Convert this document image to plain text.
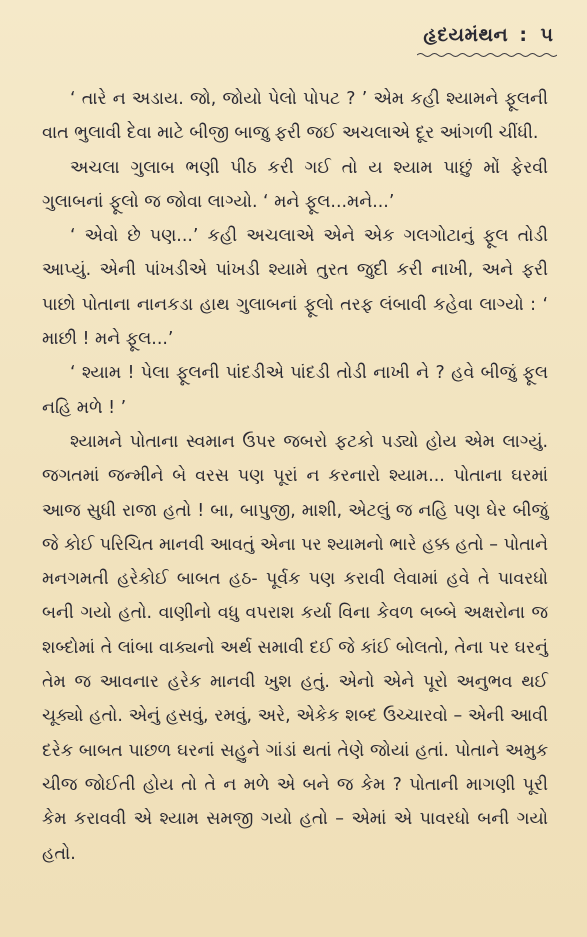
હૃદયમંથન : ૫

‘ તારે ન અડાય. જો, જોયો પેલો પોપટ ? ’ એમ કહી શ્યામને ફૂલની વાત ભુલાવી દેવા માટે બીજી બાજુ ફરી જઈ અચલાએ દૂર આંગળી ચીંધી.

અચલા ગુલાબ ભણી પીઠ કરી ગઈ તો ય શ્યામ પાછું મોં ફેરવી ગુલાબનાં ફૂલો જ જોવા લાગ્યો. ‘ મને ફૂલ...મને...’

‘ એવો છે પણ...’ કહી અચલાએ એને એક ગલગોટાનું ફૂલ તોડી આપ્યું. એની પાંખડીએ પાંખડી શ્યામે તુરત જુદી કરી નાખી, અને ફરી પાછો પોતાના નાનકડા હાથ ગુલાબનાં ફૂલો તરફ લંબાવી કહેવા લાગ્યો : ‘ માછી ! મને ફૂલ...’

‘ શ્યામ ! પેલા ફૂલની પાંદડીએ પાંદડી તોડી નાખી ને ? હવે બીજું ફૂલ નહિ મળે ! ’

શ્યામને પોતાના સ્વમાન ઉપર જબરો ફટકો પડ્યો હોય એમ લાગ્યું. જગતમાં જન્મીને બે વરસ પણ પૂરાં ન કરનારો શ્યામ... પોતાના ઘરમાં આજ સુધી રાજા હતો ! બા, બાપુજી, માશી, એટલું જ નહિ પણ ઘેર બીજું જે કોઈ પરિચિત માનવી આવતું એના પર શ્યામનો ભારે હક્ક હતો – પોતાને મનગમતી હરેકોઈ બાબત હઠ- પૂર્વક પણ કરાવી લેવામાં હવે તે પાવરધો બની ગયો હતો. વાણીનો વધુ વપરાશ કર્યા વિના કેવળ બબ્બે અક્ષરોના જ શબ્દોમાં તે લાંબા વાક્યનો અર્થ સમાવી દઈ જે કાંઈ બોલતો, તેના પર ઘરનું તેમ જ આવનાર હરેક માનવી ખુશ હતું. એનો એને પૂરો અનુભવ થઈ ચૂક્યો હતો. એનું હસવું, રમવું, અરે, એકેક શબ્દ ઉચ્ચારવો – એની આવી દરેક બાબત પાછળ ઘરનાં સહુને ગાંડાં થતાં તેણે જોયાં હતાં. પોતાને અમુક ચીજ જોઈતી હોય તો તે ન મળે એ બને જ કેમ ? પોતાની માગણી પૂરી કેમ કરાવવી એ શ્યામ સમજી ગયો હતો – એમાં એ પાવરધો બની ગયો હતો.
